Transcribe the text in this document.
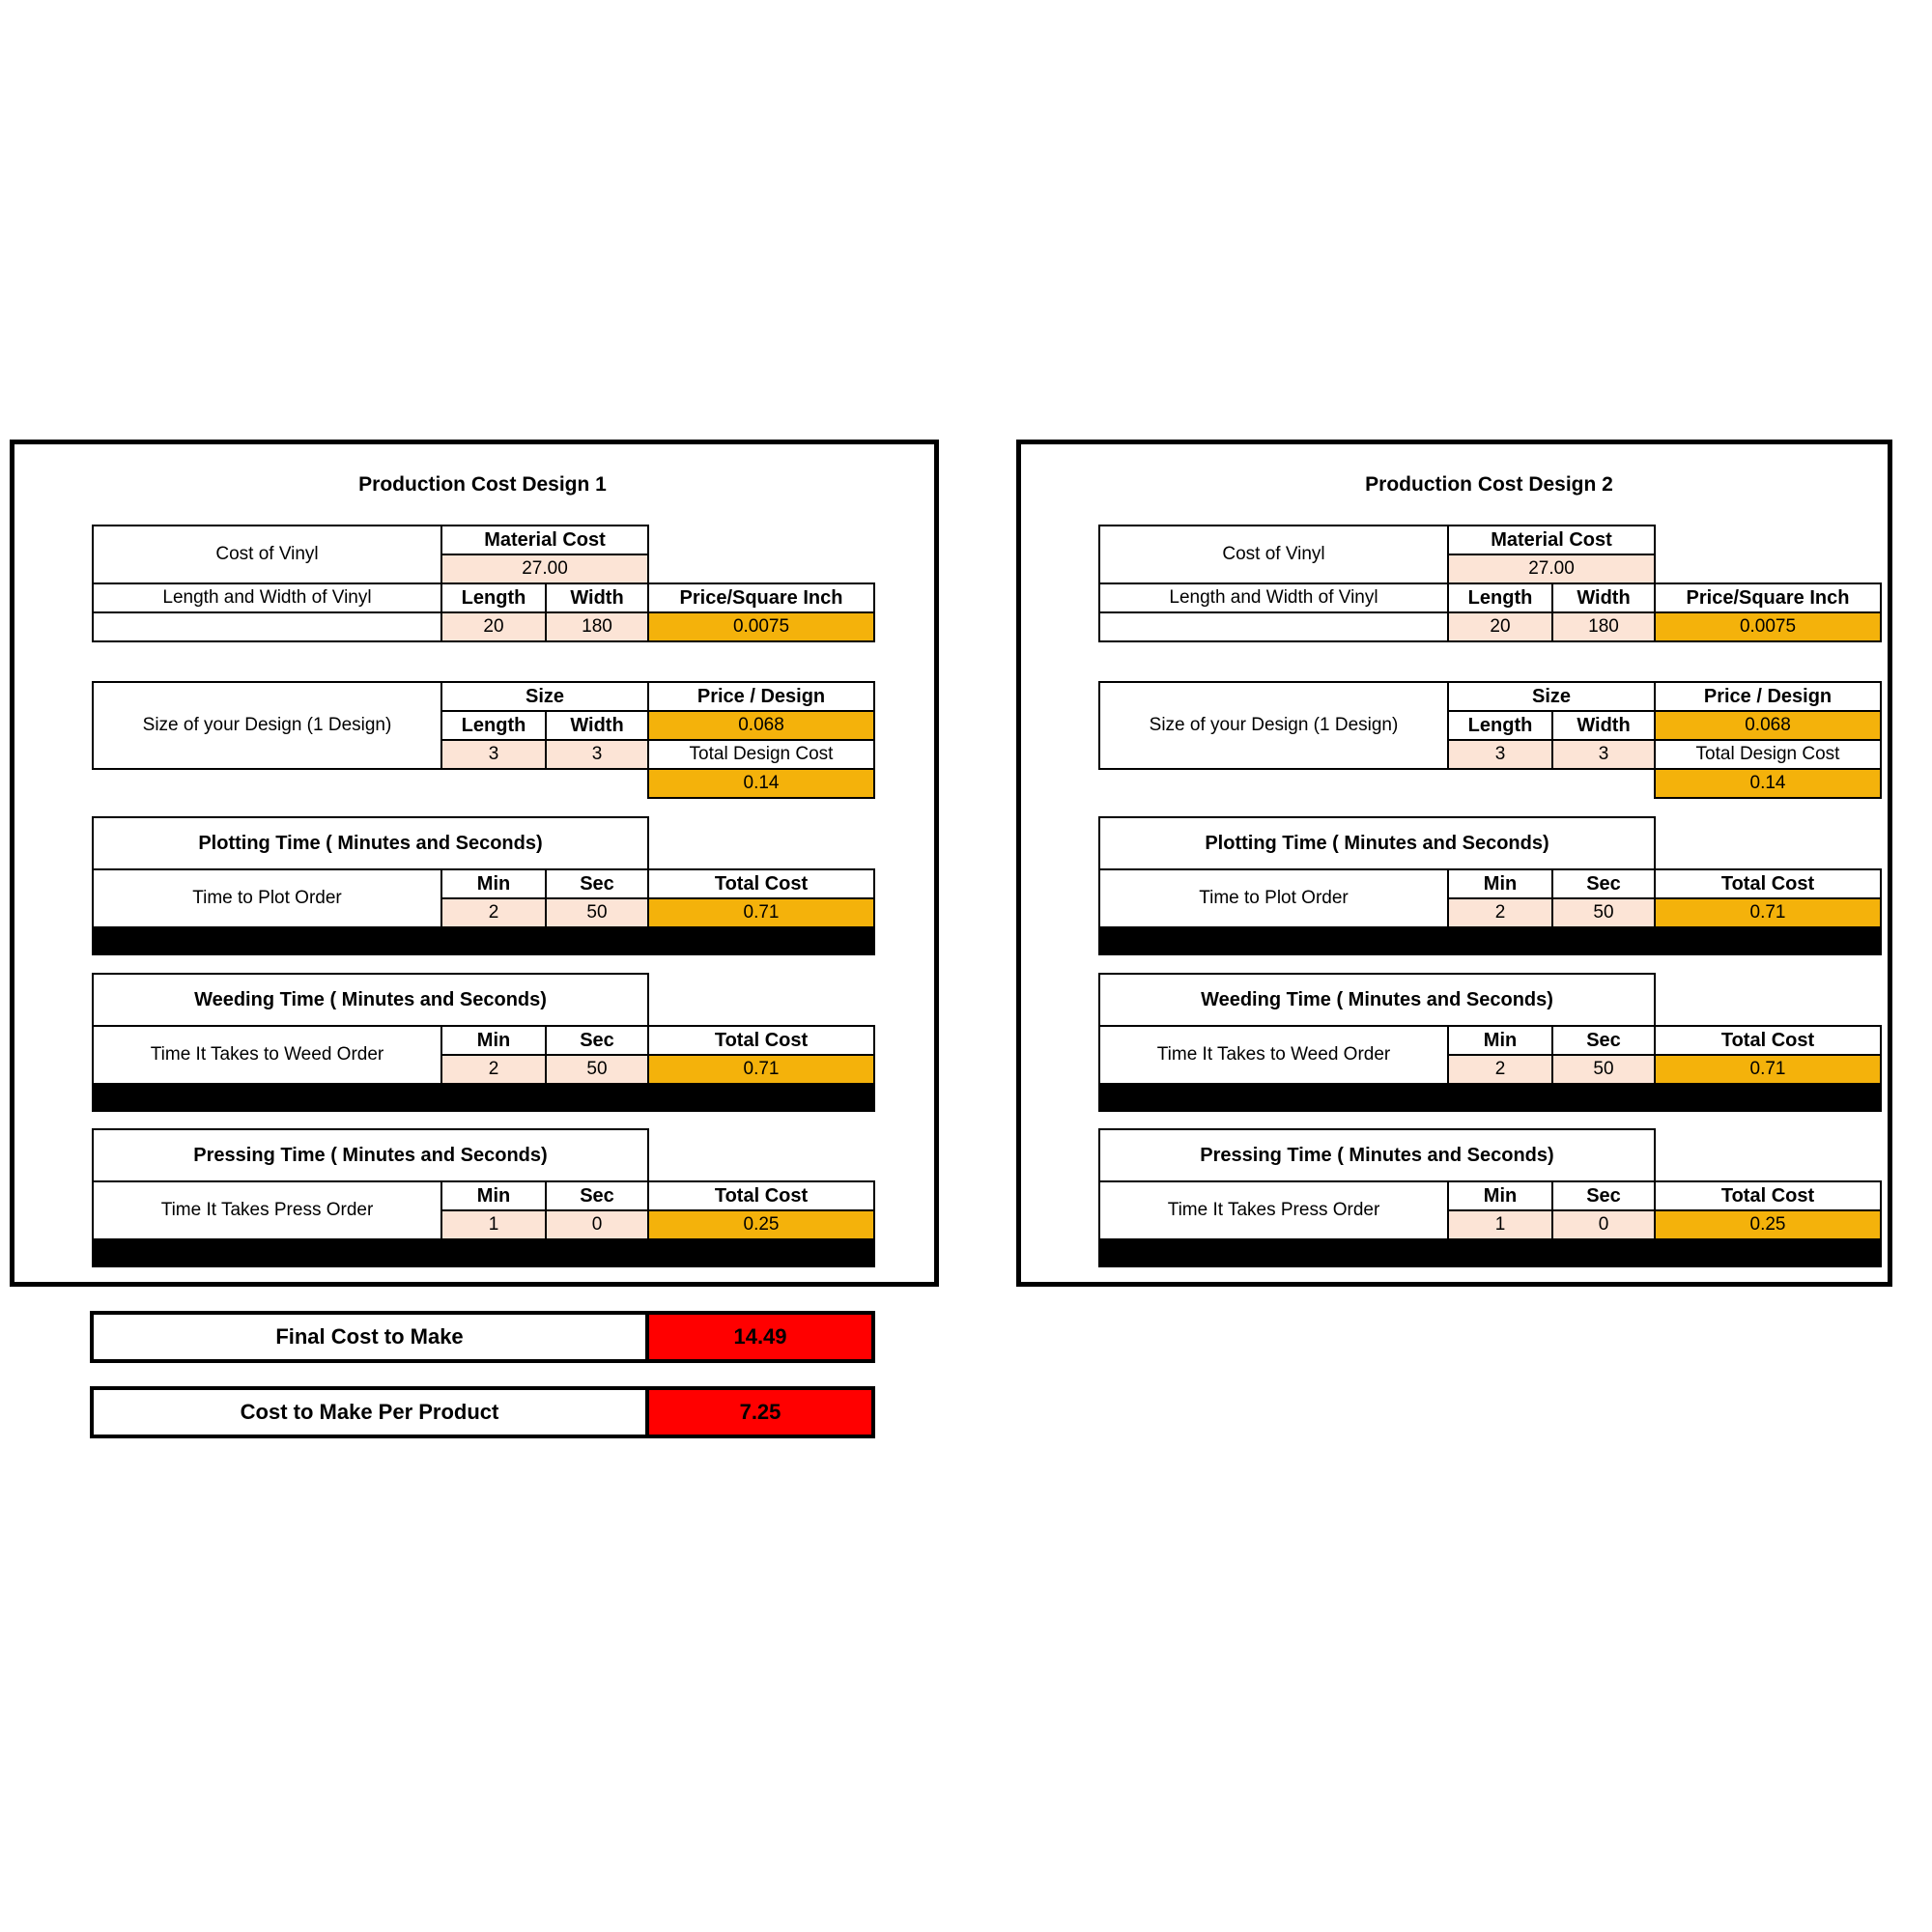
Production Cost Design 1
Cost of Vinyl	Material Cost		
	27.00		
Length and Width of Vinyl	Length	Width	Price/Square Inch
	20	180	0.0075
Size of your Design (1 Design)	Size		Price / Design
	Length	Width	0.068
	3	3	Total Design Cost
			0.14
Plotting Time ( Minutes and Seconds)			
Time to Plot Order	Min	Sec	Total Cost
	2	50	0.71

Weeding Time ( Minutes and Seconds)			
Time It Takes to Weed Order	Min	Sec	Total Cost
	2	50	0.71

Pressing Time ( Minutes and Seconds)			
Time It Takes Press Order	Min	Sec	Total Cost
	1	0	0.25

Production Cost Design 2
Cost of Vinyl	Material Cost		
	27.00		
Length and Width of Vinyl	Length	Width	Price/Square Inch
	20	180	0.0075
Size of your Design (1 Design)	Size		Price / Design
	Length	Width	0.068
	3	3	Total Design Cost
			0.14
Plotting Time ( Minutes and Seconds)			
Time to Plot Order	Min	Sec	Total Cost
	2	50	0.71

Weeding Time ( Minutes and Seconds)			
Time It Takes to Weed Order	Min	Sec	Total Cost
	2	50	0.71

Pressing Time ( Minutes and Seconds)			
Time It Takes Press Order	Min	Sec	Total Cost
	1	0	0.25

Final Cost to Make	14.49
Cost to Make Per Product	7.25
